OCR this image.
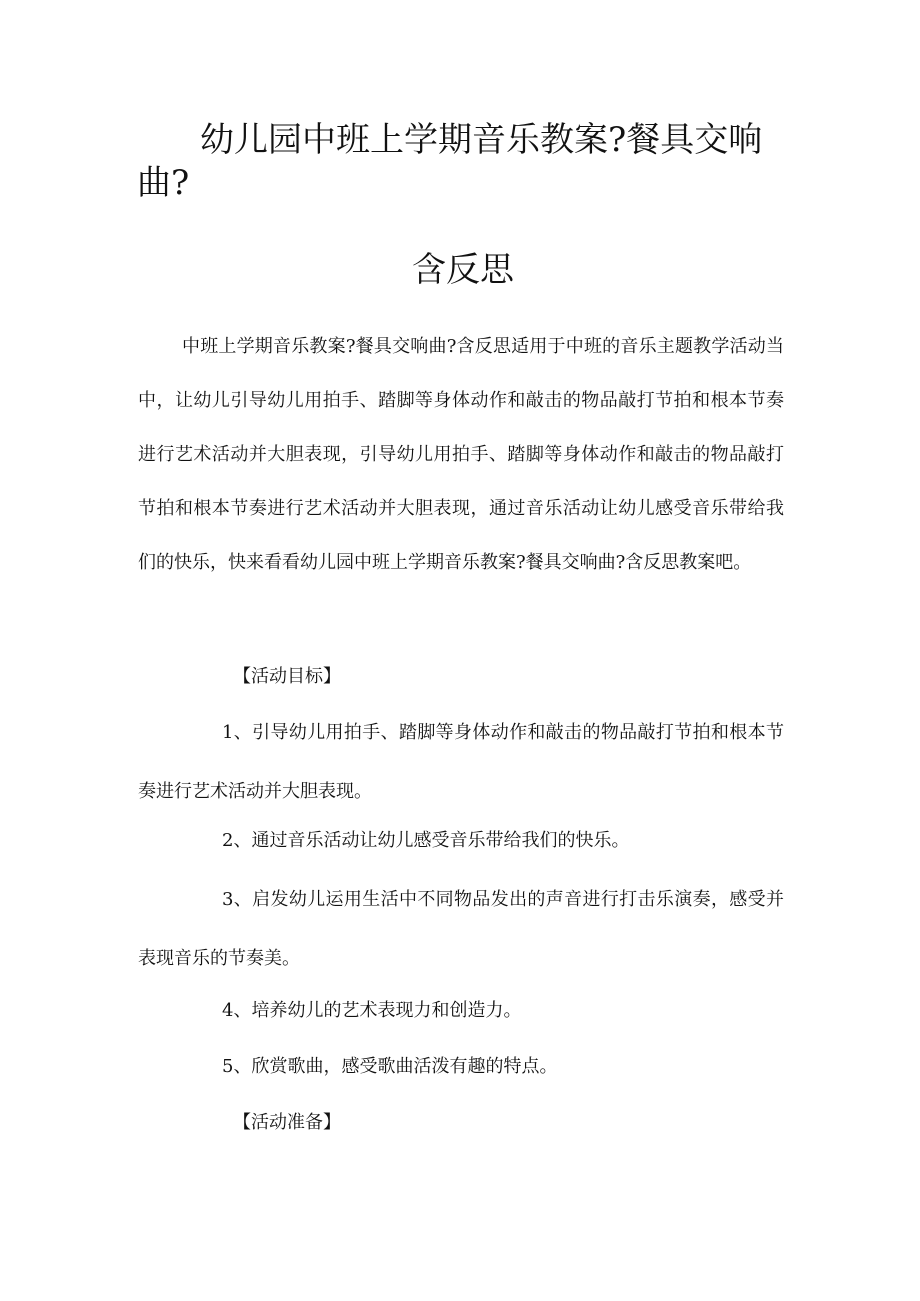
幼儿园中班上学期音乐教案?餐具交响
曲?
含反思

中班上学期音乐教案?餐具交响曲?含反思适用于中班的音乐主题教学活动当中，让幼儿引导幼儿用拍手、踏脚等身体动作和敲击的物品敲打节拍和根本节奏进行艺术活动并大胆表现，引导幼儿用拍手、踏脚等身体动作和敲击的物品敲打节拍和根本节奏进行艺术活动并大胆表现，通过音乐活动让幼儿感受音乐带给我们的快乐，快来看看幼儿园中班上学期音乐教案?餐具交响曲?含反思教案吧。

【活动目标】

1、引导幼儿用拍手、踏脚等身体动作和敲击的物品敲打节拍和根本节奏进行艺术活动并大胆表现。

2、通过音乐活动让幼儿感受音乐带给我们的快乐。

3、启发幼儿运用生活中不同物品发出的声音进行打击乐演奏，感受并表现音乐的节奏美。

4、培养幼儿的艺术表现力和创造力。

5、欣赏歌曲，感受歌曲活泼有趣的特点。

【活动准备】
